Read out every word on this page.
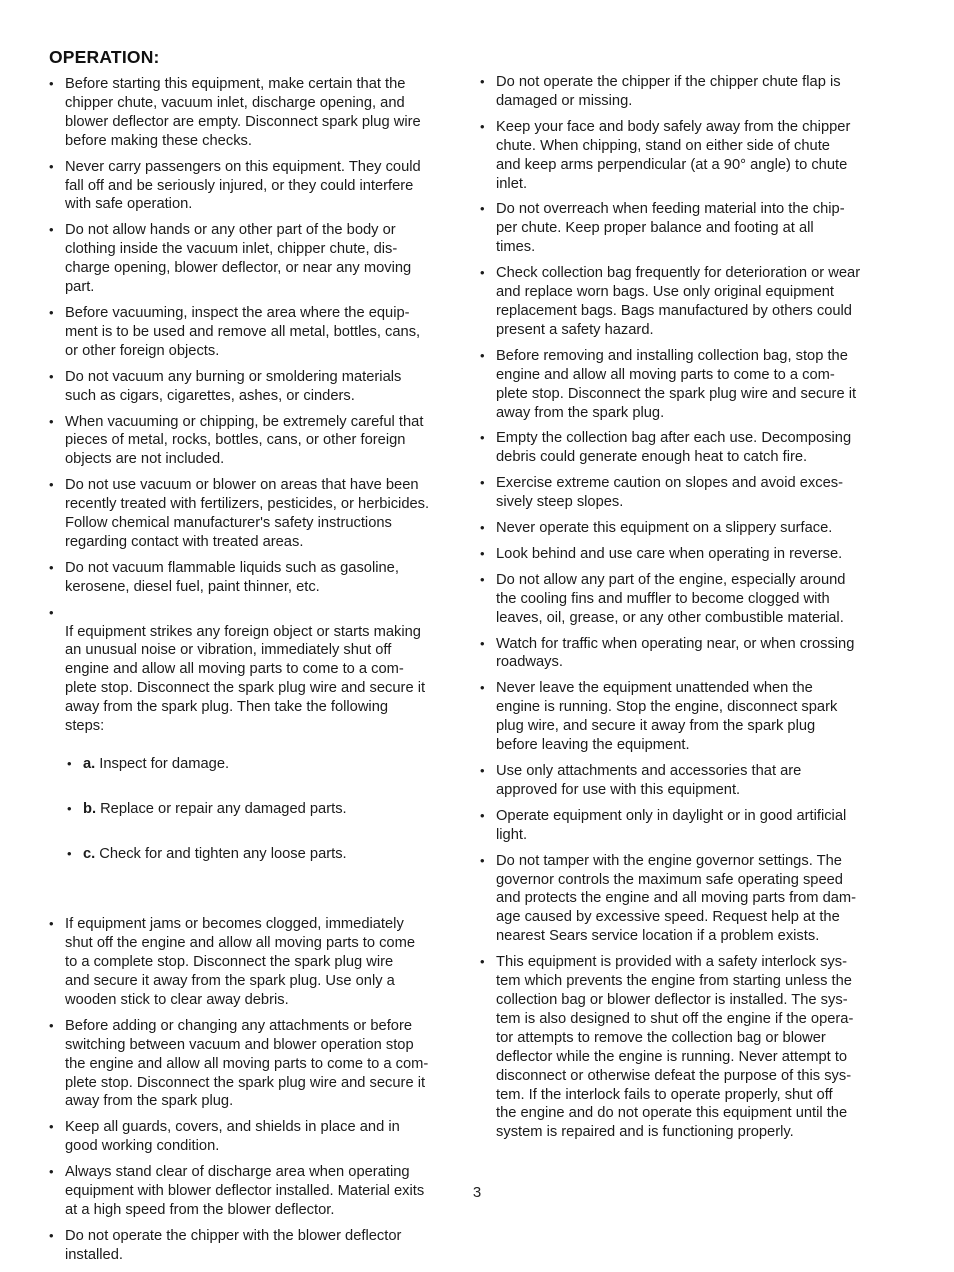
OPERATION:
• Before starting this equipment, make certain that the
chipper chute, vacuum inlet, discharge opening, and
blower deflector are empty. Disconnect spark plug wire
before making these checks.
• Never carry passengers on this equipment. They could
fall off and be seriously injured, or they could interfere
with safe operation.
• Do not allow hands or any other part of the body or
clothing inside the vacuum inlet, chipper chute, dis-
charge opening, blower deflector, or near any moving
part.
• Before vacuuming, inspect the area where the equip-
ment is to be used and remove all metal, bottles, cans,
or other foreign objects.
• Do not vacuum any burning or smoldering materials
such as cigars, cigarettes, ashes, or cinders.
• When vacuuming or chipping, be extremely careful that
pieces of metal, rocks, bottles, cans, or other foreign
objects are not included.
• Do not use vacuum or blower on areas that have been
recently treated with fertilizers, pesticides, or herbicides.
Follow chemical manufacturer's safety instructions
regarding contact with treated areas.
• Do not vacuum flammable liquids such as gasoline,
kerosene, diesel fuel, paint thinner, etc.

• If equipment strikes any foreign object or starts making
an unusual noise or vibration, immediately shut off
engine and allow all moving parts to come to a com-
plete stop. Disconnect the spark plug wire and secure it
away from the spark plug. Then take the following
steps:

• a. Inspect for damage.

• b. Replace or repair any damaged parts.

• c. Check for and tighten any loose parts.

• If equipment jams or becomes clogged, immediately
shut off the engine and allow all moving parts to come
to a complete stop. Disconnect the spark plug wire
and secure it away from the spark plug. Use only a
wooden stick to clear away debris.
• Before adding or changing any attachments or before
switching between vacuum and blower operation stop
the engine and allow all moving parts to come to a com-
plete stop. Disconnect the spark plug wire and secure it
away from the spark plug.
• Keep all guards, covers, and shields in place and in
good working condition.
• Always stand clear of discharge area when operating
equipment with blower deflector installed. Material exits
at a high speed from the blower deflector.
• Do not operate the chipper with the blower deflector
installed.
• Do not operate the chipper if the chipper chute flap is
damaged or missing.
• Keep your face and body safely away from the chipper
chute. When chipping, stand on either side of chute
and keep arms perpendicular (at a 90° angle) to chute
inlet.
• Do not overreach when feeding material into the chip-
per chute. Keep proper balance and footing at all
times.
• Check collection bag frequently for deterioration or wear
and replace worn bags. Use only original equipment
replacement bags. Bags manufactured by others could
present a safety hazard.
• Before removing and installing collection bag, stop the
engine and allow all moving parts to come to a com-
plete stop. Disconnect the spark plug wire and secure it
away from the spark plug.
• Empty the collection bag after each use. Decomposing
debris could generate enough heat to catch fire.
• Exercise extreme caution on slopes and avoid exces-
sively steep slopes.
• Never operate this equipment on a slippery surface.
• Look behind and use care when operating in reverse.
• Do not allow any part of the engine, especially around
the cooling fins and muffler to become clogged with
leaves, oil, grease, or any other combustible material.
• Watch for traffic when operating near, or when crossing
roadways.
• Never leave the equipment unattended when the
engine is running. Stop the engine, disconnect spark
plug wire, and secure it away from the spark plug
before leaving the equipment.
• Use only attachments and accessories that are
approved for use with this equipment.
• Operate equipment only in daylight or in good artificial
light.
• Do not tamper with the engine governor settings. The
governor controls the maximum safe operating speed
and protects the engine and all moving parts from dam-
age caused by excessive speed. Request help at the
nearest Sears service location if a problem exists.
• This equipment is provided with a safety interlock sys-
tem which prevents the engine from starting unless the
collection bag or blower deflector is installed. The sys-
tem is also designed to shut off the engine if the opera-
tor attempts to remove the collection bag or blower
deflector while the engine is running. Never attempt to
disconnect or otherwise defeat the purpose of this sys-
tem. If the interlock fails to operate properly, shut off
the engine and do not operate this equipment until the
system is repaired and is functioning properly.
3
